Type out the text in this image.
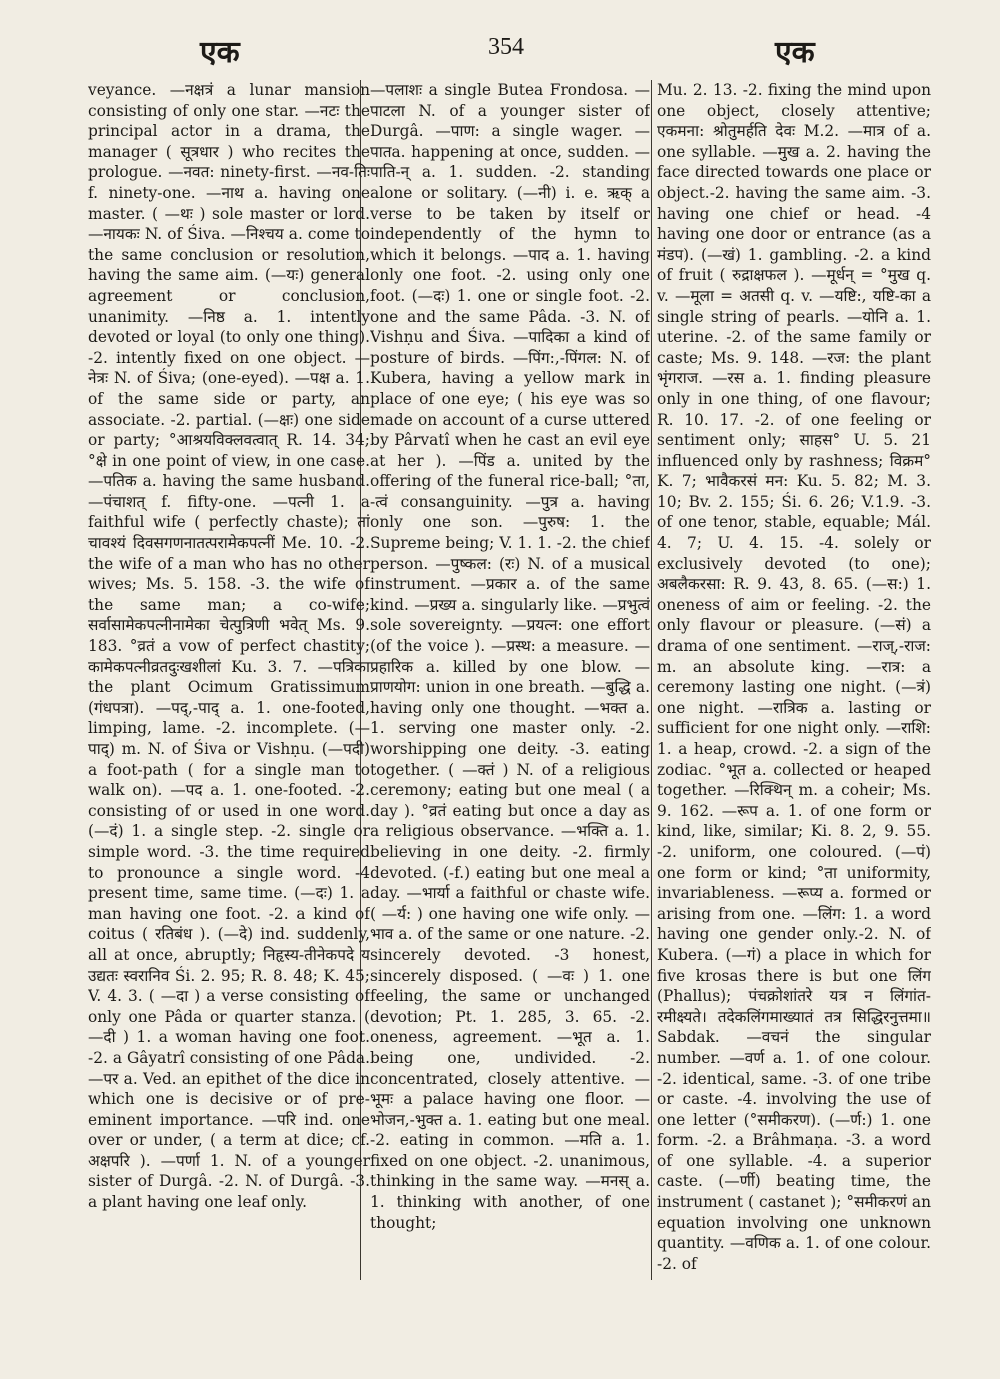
एक	354	एक

veyance. —नक्षत्रं a lunar mansion consisting of only one star. —नटः the principal actor in a drama, the manager ( सूत्रधार ) who recites the prologue. —नवत: ninety-first. —नव-तिः f. ninety-one. —नाथ a. having one master. ( —थः ) sole master or lord. —नायकः N. of Śiva. —निश्चय a. come to the same conclusion or resolution, having the same aim. (—यः) general agreement or conclusion, unanimity. —निष्ठ a. 1. intently devoted or loyal (to only one thing). -2. intently fixed on one object. —नेत्रः N. of Śiva; (one-eyed). —पक्ष a. 1. of the same side or party, an associate. -2. partial. (—क्षः) one side or party; °आश्रयविक्लवत्वात् R. 14. 34; °क्षे in one point of view, in one case. —पतिक a. having the same husband. —पंचाशत् f. fifty-one. —पत्नी 1. a faithful wife ( perfectly chaste); तां चावश्यं दिवसगणनातत्परामेकपत्नीं Me. 10. -2. the wife of a man who has no other wives; Ms. 5. 158. -3. the wife of the same man; a co-wife; सर्वासामेकपत्नीनामेका चेत्पुत्रिणी भवेत् Ms. 9. 183. °व्रतं a vow of perfect chastity; कामेकपत्नीव्रतदुःखशीलां Ku. 3. 7. —पत्रिका the plant Ocimum Gratissimum (गंधपत्रा). —पद्,-पाद् a. 1. one-footed, limping, lame. -2. incomplete. (—पाद्) m. N. of Śiva or Vishṇu. (—पदी) a foot-path ( for a single man to walk on). —पद a. 1. one-footed. -2. consisting of or used in one word. (—दं) 1. a single step. -2. single or simple word. -3. the time required to pronounce a single word. -4 present time, same time. (—दः) 1. a man having one foot. -2. a kind of coitus ( रतिबंध ). (—दे) ind. suddenly, all at once, abruptly; निहृस्य-तीनेकपदे य उद्यतः स्वरानिव Śi. 2. 95; R. 8. 48; K. 45; V. 4. 3. ( —दा ) a verse consisting of only one Pâda or quarter stanza. ( —दी ) 1. a woman having one foot. -2. a Gâyatrî consisting of one Pâda. —पर a. Ved. an epithet of the dice in which one is decisive or of pre-eminent importance. —परि ind. one over or under, ( a term at dice; cf. अक्षपरि ). —पर्णा 1. N. of a younger sister of Durgâ. -2. N. of Durgâ. -3. a plant having one leaf only.

—पलाशः a single Butea Frondosa. —पाटला N. of a younger sister of Durgâ. —पाण: a single wager. —पातa. happening at once, sudden. —पाति-न् a. 1. sudden. -2. standing alone or solitary. (—नी) i. e. ऋक् a verse to be taken by itself or independently of the hymn to which it belongs. —पाद a. 1. having only one foot. -2. using only one foot. (—दः) 1. one or single foot. -2. one and the same Pâda. -3. N. of Vishṇu and Śiva. —पादिका a kind of posture of birds. —पिंग:,-पिंगल: N. of Kubera, having a yellow mark in place of one eye; ( his eye was so made on account of a curse uttered by Pârvatî when he cast an evil eye at her ). —पिंड a. united by the offering of the funeral rice-ball; °ता, -त्वं consanguinity. —पुत्र a. having only one son. —पुरुष: 1. the Supreme being; V. 1. 1. -2. the chief person. —पुष्कल: (रः) N. of a musical instrument. —प्रकार a. of the same kind. —प्रख्य a. singularly like. —प्रभुत्वं sole sovereignty. —प्रयत्न: one effort (of the voice ). —प्रस्थ: a measure. —प्रहारिक a. killed by one blow. —प्राणयोग: union in one breath. —बुद्धि a. having only one thought. —भक्त a. 1. serving one master only. -2. worshipping one deity. -3. eating together. ( —क्तं ) N. of a religious ceremony; eating but one meal ( a day ). °व्रतं eating but once a day as a religious observance. —भक्ति a. 1. believing in one deity. -2. firmly devoted. (-f.) eating but one meal a day. —भार्या a faithful or chaste wife. ( —र्य: ) one having one wife only. —भाव a. of the same or one nature. -2. sincerely devoted. -3 honest, sincerely disposed. ( —वः ) 1. one feeling, the same or unchanged devotion; Pt. 1. 285, 3. 65. -2. oneness, agreement. —भूत a. 1. being one, undivided. -2. concentrated, closely attentive. —भूमः a palace having one floor. —भोजन,-भुक्त a. 1. eating but one meal. -2. eating in common. —मति a. 1. fixed on one object. -2. unanimous, thinking in the same way. —मनस् a. 1. thinking with another, of one thought;

Mu. 2. 13. -2. fixing the mind upon one object, closely attentive; एकमना: श्रोतुमर्हति देवः M.2. —मात्र of a. one syllable. —मुख a. 2. having the face directed towards one place or object.-2. having the same aim. -3. having one chief or head. -4 having one door or entrance (as a मंडप). (—खं) 1. gambling. -2. a kind of fruit ( रुद्राक्षफल ). —मूर्धन् = °मुख q. v. —मूला = अतसी q. v. —यष्टि:, यष्टि-का a single string of pearls. —योनि a. 1. uterine. -2. of the same family or caste; Ms. 9. 148. —रज: the plant भृंगराज. —रस a. 1. finding pleasure only in one thing, of one flavour; R. 10. 17. -2. of one feeling or sentiment only; साहस° U. 5. 21 influenced only by rashness; विक्रम° K. 7; भावैकरसं मन: Ku. 5. 82; M. 3. 10; Bv. 2. 155; Śi. 6. 26; V.1.9. -3. of one tenor, stable, equable; Mál. 4. 7; U. 4. 15. -4. solely or exclusively devoted (to one); अबलैकरसा: R. 9. 43, 8. 65. (—स:) 1. oneness of aim or feeling. -2. the only flavour or pleasure. (—सं) a drama of one sentiment. —राज्,-राज: m. an absolute king. —रात्र: a ceremony lasting one night. (—त्रं) one night. —रात्रिक a. lasting or sufficient for one night only. —राशि: 1. a heap, crowd. -2. a sign of the zodiac. °भूत a. collected or heaped together. —रिक्थिन् m. a coheir; Ms. 9. 162. —रूप a. 1. of one form or kind, like, similar; Ki. 8. 2, 9. 55. -2. uniform, one coloured. (—पं) one form or kind; °ता uniformity, invariableness. —रूप्य a. formed or arising from one. —लिंग: 1. a word having one gender only.-2. N. of Kubera. (—गं) a place in which for five krosas there is but one लिंग (Phallus); पंचक्रोशांतरे यत्र न लिंगांत-रमीक्ष्यते। तदेकलिंगमाख्यातं तत्र सिद्धिरनुत्तमा॥ Sabdak. —वचनं the singular number. —वर्ण a. 1. of one colour. -2. identical, same. -3. of one tribe or caste. -4. involving the use of one letter (°समीकरण). (—र्ण:) 1. one form. -2. a Brâhmaṇa. -3. a word of one syllable. -4. a superior caste. (—र्णी) beating time, the instrument ( castanet ); °समीकरणं an equation involving one unknown quantity. —वणिक a. 1. of one colour. -2. of
